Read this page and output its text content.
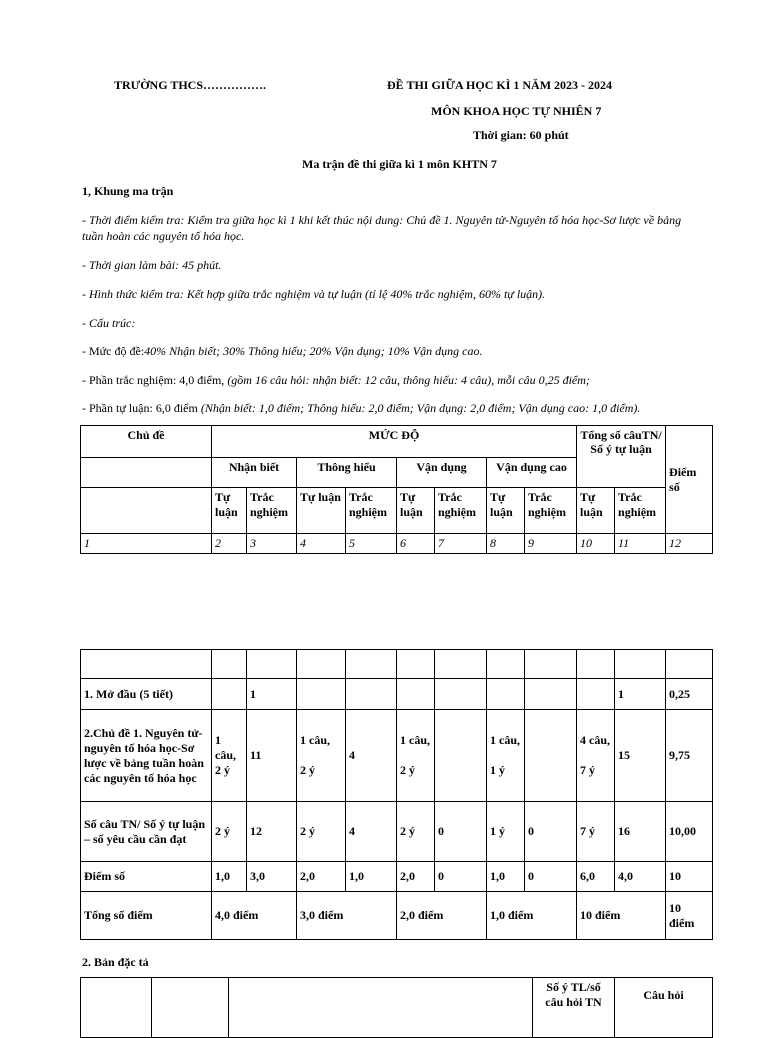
TRƯỜNG THCS…………….	ĐỀ THI GIỮA HỌC KÌ 1 NĂM 2023 - 2024
MÔN KHOA HỌC TỰ NHIÊN 7
Thời gian: 60 phút
Ma trận đề thi giữa kì 1 môn KHTN 7
1, Khung ma trận
- Thời điểm kiểm tra: Kiểm tra giữa học kì 1 khi kết thúc nội dung: Chủ đề 1. Nguyên tử-Nguyên tố hóa học-Sơ lược về bảng
tuần hoàn các nguyên tố hóa học.
- Thời gian làm bài: 45 phút.
- Hình thức kiểm tra: Kết hợp giữa trắc nghiệm và tự luận (tỉ lệ 40% trắc nghiệm, 60% tự luận).
- Cấu trúc:
- Mức độ đề:40% Nhận biết; 30% Thông hiểu; 20% Vận dụng; 10% Vận dụng cao.
- Phần trắc nghiệm: 4,0 điểm, (gồm 16 câu hỏi: nhận biết: 12 câu, thông hiểu: 4 câu), mỗi câu 0,25 điểm;
- Phần tự luận: 6,0 điểm (Nhận biết: 1,0 điểm; Thông hiểu: 2,0 điểm; Vận dụng: 2,0 điểm; Vận dụng cao: 1,0 điểm).
Chủ đề	MỨC ĐỘ								Tổng số câuTN/ Số ý tự luận		Điểm số
	Nhận biết		Thông hiểu		Vận dụng		Vận dụng cao				
	Tự luận	Trắc nghiệm	Tự luận	Trắc nghiệm	Tự luận	Trắc nghiệm	Tự luận	Trắc nghiệm	Tự luận	Trắc nghiệm	
1	2	3	4	5	6	7	8	9	10	11	12

1. Mở đầu (5 tiết)		1								1	0,25
2.Chủ đề 1. Nguyên tử-nguyên tố hóa học-Sơ lược về bảng tuần hoàn các nguyên tố hóa học	1 câu, 2 ý	11	1 câu,

2 ý	4	1 câu,

2 ý		1 câu,

1 ý		4 câu,

7 ý	15	9,75
Số câu TN/ Số ý tự luận – số yêu cầu cần đạt	2 ý	12	2 ý	4	2 ý	0	1 ý	0	7 ý	16	10,00
Điểm số	1,0	3,0	2,0	1,0	2,0	0	1,0	0	6,0	4,0	10
Tổng số điểm	4,0 điểm		3,0 điểm		2,0 điểm		1,0 điểm		10 điểm		10 điểm
2. Bản đặc tả
			Số ý TL/số câu hỏi TN	Câu hỏi
